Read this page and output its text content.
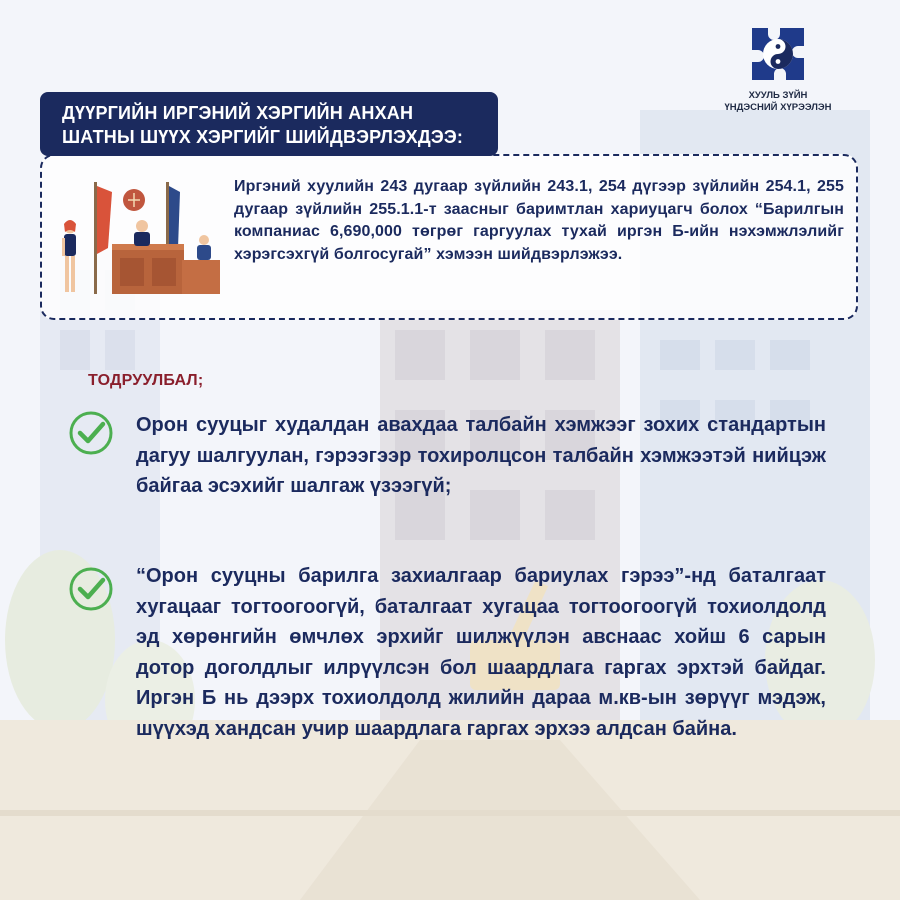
ХУУЛЬ ЗҮЙН
ҮНДЭСНИЙ ХҮРЭЭЛЭН
ДҮҮРГИЙН ИРГЭНИЙ ХЭРГИЙН АНХАН
ШАТНЫ ШҮҮХ ХЭРГИЙГ ШИЙДВЭРЛЭХДЭЭ:

Иргэний хуулийн 243 дугаар зүйлийн 243.1, 254 дүгээр зүйлийн 254.1, 255 дугаар зүйлийн 255.1.1-т заасныг баримтлан хариуцагч болох “Барилгын компаниас 6,690,000 төгрөг гаргуулах тухай иргэн Б-ийн нэхэмжлэлийг хэрэгсэхгүй болгосугай” хэмээн шийдвэрлэжээ.

ТОДРУУЛБАЛ;

Орон сууцыг худалдан авахдаа талбайн хэмжээг зохих стандартын дагуу шалгуулан, гэрээгээр тохиролцсон талбайн хэмжээтэй нийцэж байгаа эсэхийг шалгаж үзээгүй;

“Орон сууцны барилга захиалгаар бариулах гэрээ”-нд баталгаат хугацааг тогтоогоогүй, баталгаат хугацаа тогтоогоогүй тохиолдолд эд хөрөнгийн өмчлөх эрхийг шилжүүлэн авснаас хойш 6 сарын дотор доголдлыг илрүүлсэн бол шаардлага гаргах эрхтэй байдаг. Иргэн Б нь дээрх тохиолдолд жилийн дараа м.кв-ын зөрүүг мэдэж, шүүхэд хандсан учир шаардлага гаргах эрхээ алдсан байна.
